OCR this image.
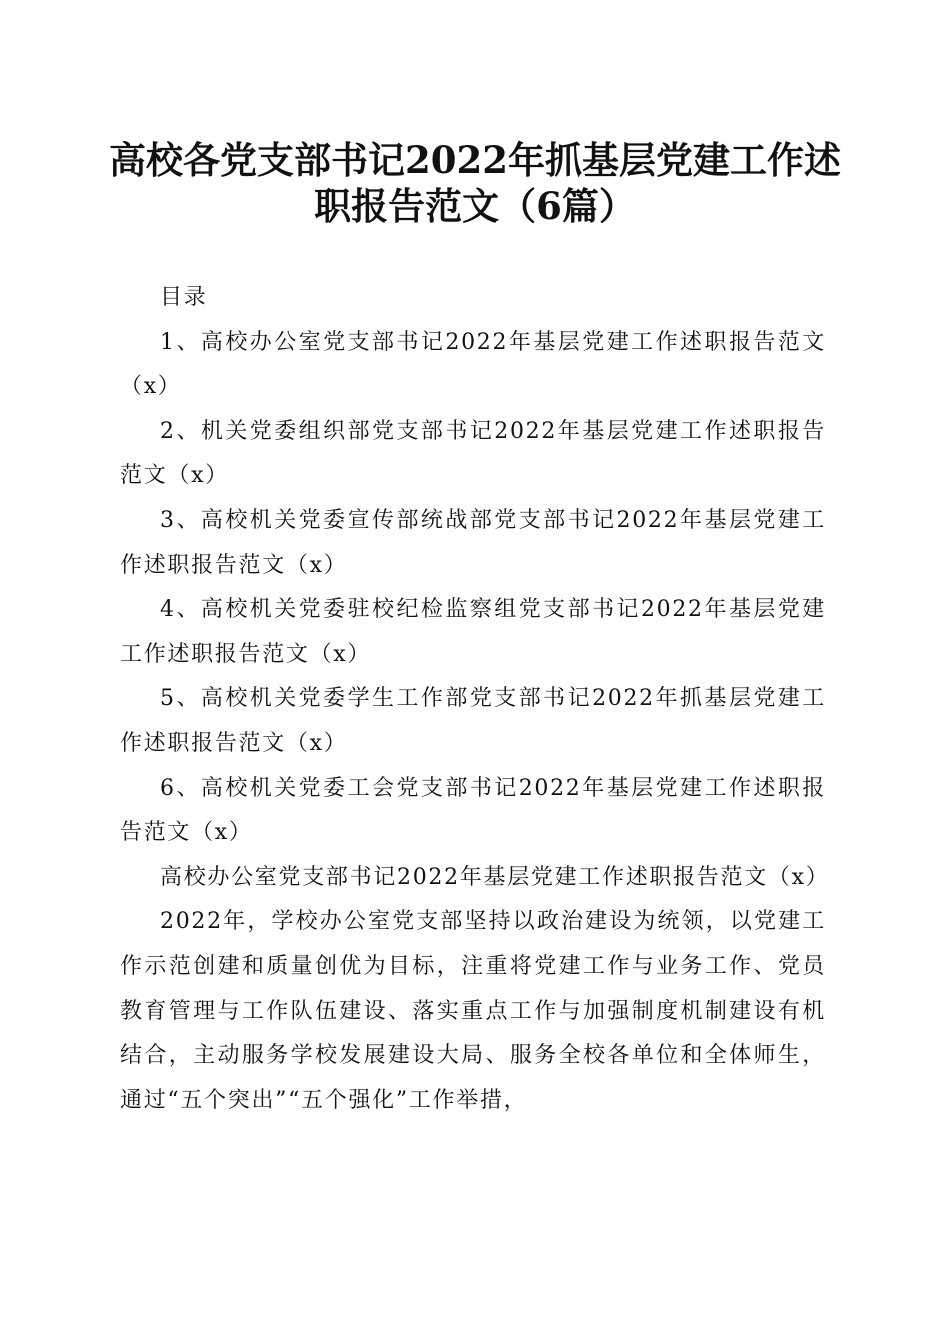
高校各党支部书记2022年抓基层党建工作述
职报告范文（6篇）

目录

1、高校办公室党支部书记2022年基层党建工作述职报告范文（x）

2、机关党委组织部党支部书记2022年基层党建工作述职报告范文（x）

3、高校机关党委宣传部统战部党支部书记2022年基层党建工作述职报告范文（x）

4、高校机关党委驻校纪检监察组党支部书记2022年基层党建工作述职报告范文（x）

5、高校机关党委学生工作部党支部书记2022年抓基层党建工作述职报告范文（x）

6、高校机关党委工会党支部书记2022年基层党建工作述职报告范文（x）

高校办公室党支部书记2022年基层党建工作述职报告范文（x）

2022年，学校办公室党支部坚持以政治建设为统领，以党建工作示范创建和质量创优为目标，注重将党建工作与业务工作、党员教育管理与工作队伍建设、落实重点工作与加强制度机制建设有机结合，主动服务学校发展建设大局、服务全校各单位和全体师生，通过“五个突出”“五个强化”工作举措，
